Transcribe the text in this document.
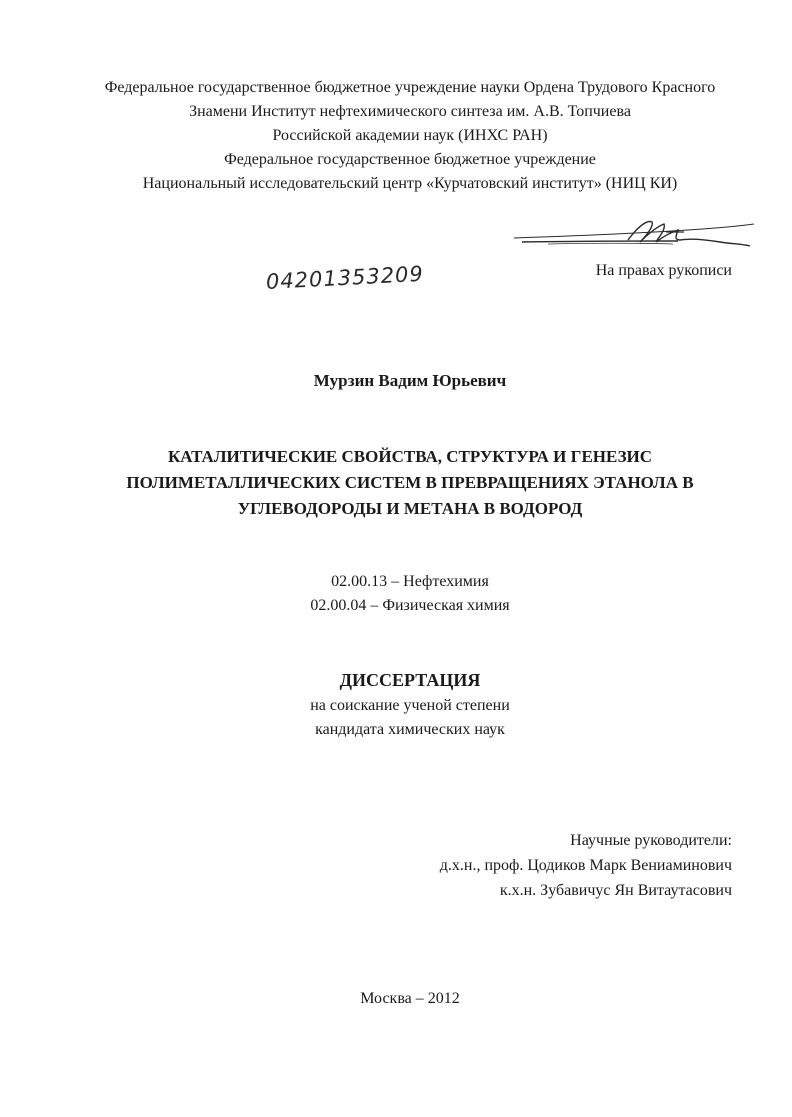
Федеральное государственное бюджетное учреждение науки Ордена Трудового Красного
Знамени Институт нефтехимического синтеза им. А.В. Топчиева
Российской академии наук (ИНХС РАН)
Федеральное государственное бюджетное учреждение
Национальный исследовательский центр «Курчатовский институт» (НИЦ КИ)
На правах рукописи
04201353209
Мурзин Вадим Юрьевич
КАТАЛИТИЧЕСКИЕ СВОЙСТВА, СТРУКТУРА И ГЕНЕЗИС
ПОЛИМЕТАЛЛИЧЕСКИХ СИСТЕМ В ПРЕВРАЩЕНИЯХ ЭТАНОЛА В
УГЛЕВОДОРОДЫ И МЕТАНА В ВОДОРОД
02.00.13 – Нефтехимия
02.00.04 – Физическая химия
ДИССЕРТАЦИЯ
на соискание ученой степени
кандидата химических наук
Научные руководители:
д.х.н., проф. Цодиков Марк Вениаминович
к.х.н. Зубавичус Ян Витаутасович
Москва – 2012
